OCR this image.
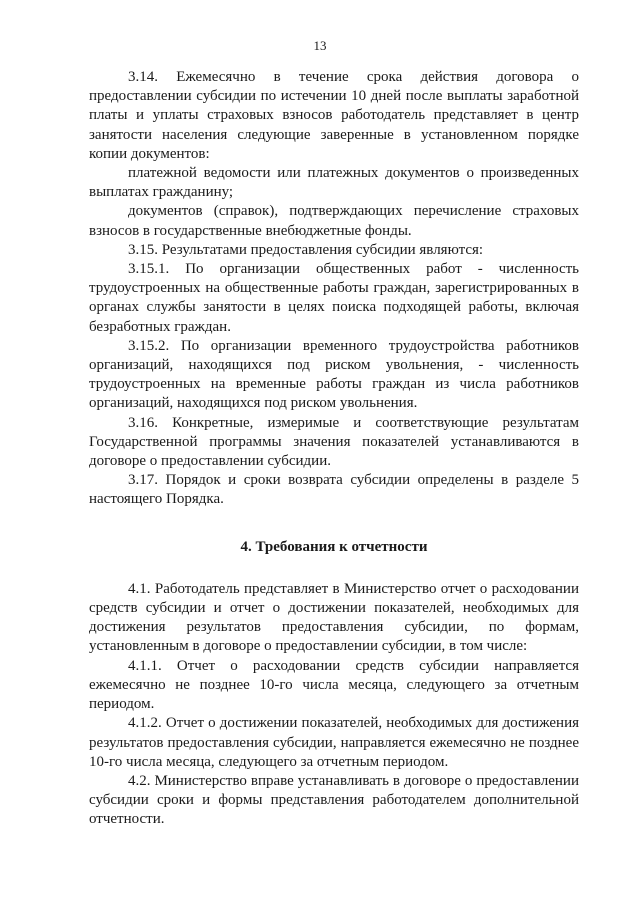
13

3.14. Ежемесячно в течение срока действия договора о предоставлении субсидии по истечении 10 дней после выплаты заработной платы и уплаты страховых взносов работодатель представляет в центр занятости населения следующие заверенные в установленном порядке копии документов:

платежной ведомости или платежных документов о произведенных выплатах гражданину;

документов (справок), подтверждающих перечисление страховых взносов в государственные внебюджетные фонды.

3.15. Результатами предоставления субсидии являются:

3.15.1. По организации общественных работ - численность трудоустроенных на общественные работы граждан, зарегистрированных в органах службы занятости в целях поиска подходящей работы, включая безработных граждан.

3.15.2. По организации временного трудоустройства работников организаций, находящихся под риском увольнения, - численность трудоустроенных на временные работы граждан из числа работников организаций, находящихся под риском увольнения.

3.16. Конкретные, измеримые и соответствующие результатам Государственной программы значения показателей устанавливаются в договоре о предоставлении субсидии.

3.17. Порядок и сроки возврата субсидии определены в разделе 5 настоящего Порядка.

4. Требования к отчетности

4.1. Работодатель представляет в Министерство отчет о расходовании средств субсидии и отчет о достижении показателей, необходимых для достижения результатов предоставления субсидии, по формам, установленным в договоре о предоставлении субсидии, в том числе:

4.1.1. Отчет о расходовании средств субсидии направляется ежемесячно не позднее 10-го числа месяца, следующего за отчетным периодом.

4.1.2. Отчет о достижении показателей, необходимых для достижения результатов предоставления субсидии, направляется ежемесячно не позднее 10-го числа месяца, следующего за отчетным периодом.

4.2. Министерство вправе устанавливать в договоре о предоставлении субсидии сроки и формы представления работодателем дополнительной отчетности.
